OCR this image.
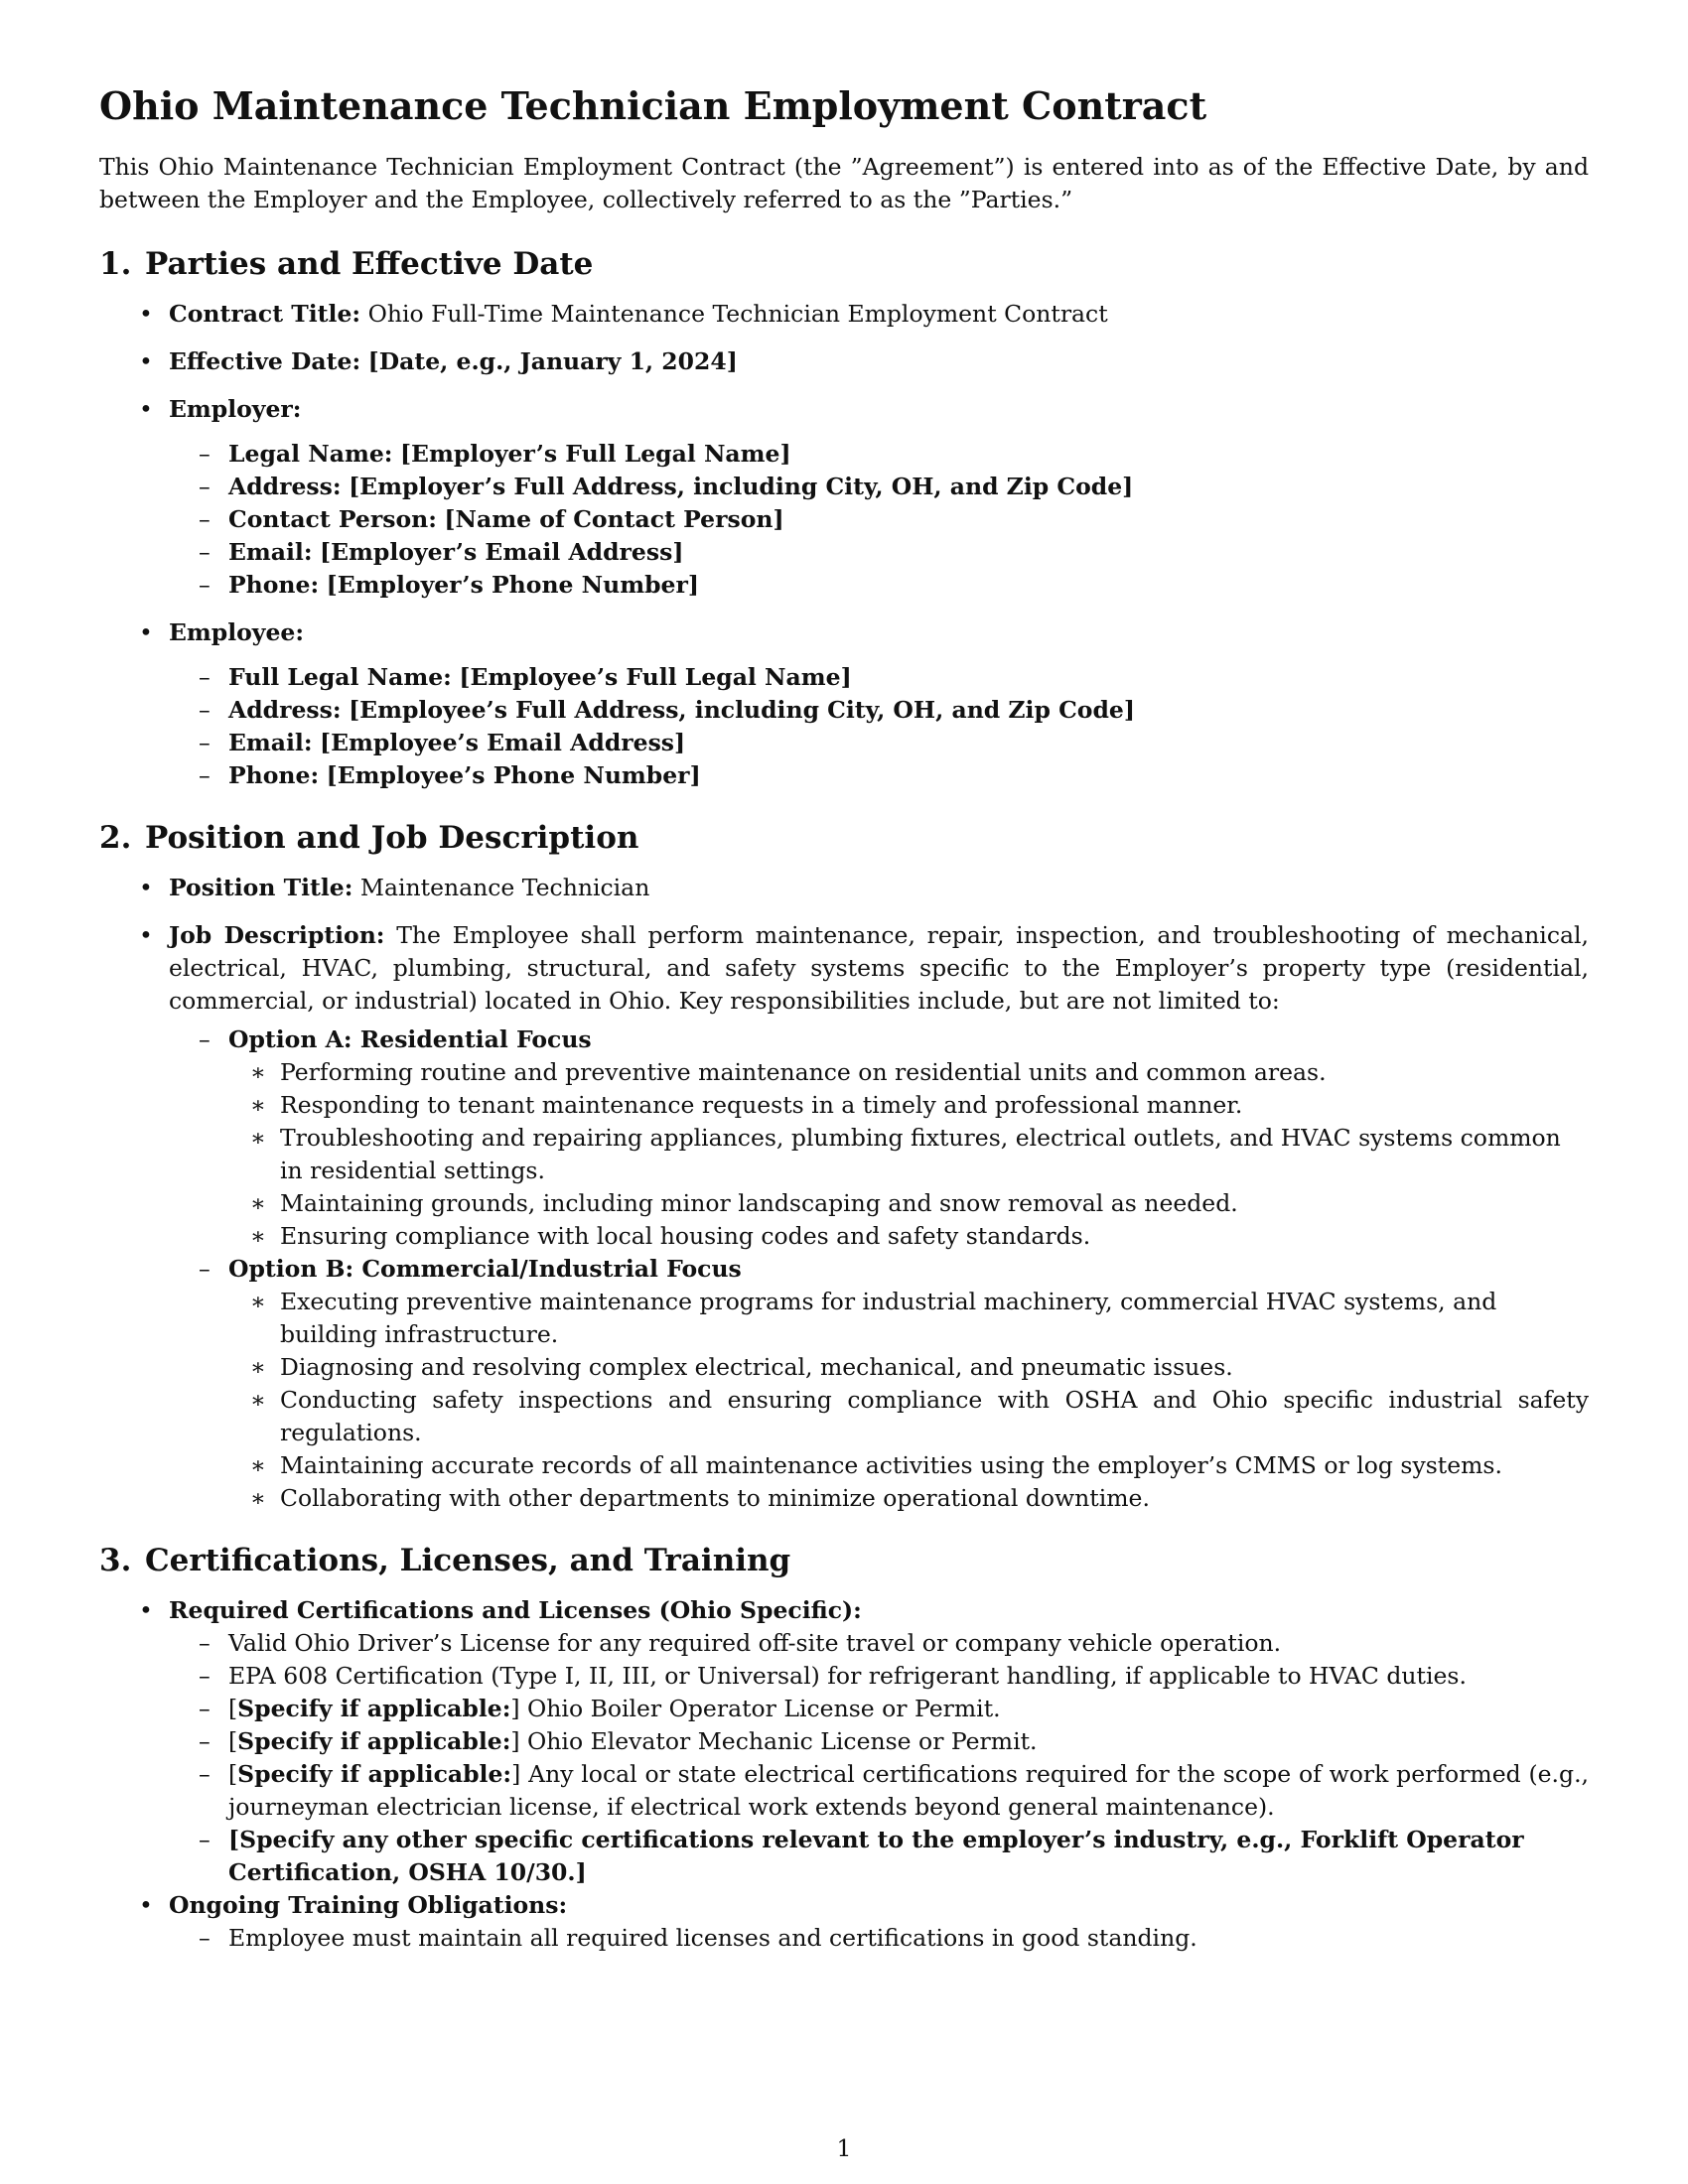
Ohio Maintenance Technician Employment Contract

This Ohio Maintenance Technician Employment Contract (the ”Agreement”) is entered into as of the Effective Date, by and between the Employer and the Employee, collectively referred to as the ”Parties.”

1. Parties and Effective Date
• Contract Title: Ohio Full-Time Maintenance Technician Employment Contract
• Effective Date: [Date, e.g., January 1, 2024]
• Employer:
– Legal Name: [Employer’s Full Legal Name]
– Address: [Employer’s Full Address, including City, OH, and Zip Code]
– Contact Person: [Name of Contact Person]
– Email: [Employer’s Email Address]
– Phone: [Employer’s Phone Number]
• Employee:
– Full Legal Name: [Employee’s Full Legal Name]
– Address: [Employee’s Full Address, including City, OH, and Zip Code]
– Email: [Employee’s Email Address]
– Phone: [Employee’s Phone Number]
2. Position and Job Description
• Position Title: Maintenance Technician
• Job Description: The Employee shall perform maintenance, repair, inspection, and troubleshooting of mechanical, electrical, HVAC, plumbing, structural, and safety systems specific to the Employer’s property type (residential, commercial, or industrial) located in Ohio. Key responsibilities include, but are not limited to:
– Option A: Residential Focus
∗ Performing routine and preventive maintenance on residential units and common areas.
∗ Responding to tenant maintenance requests in a timely and professional manner.
∗ Troubleshooting and repairing appliances, plumbing fixtures, electrical outlets, and HVAC systems common in residential settings.
∗ Maintaining grounds, including minor landscaping and snow removal as needed.
∗ Ensuring compliance with local housing codes and safety standards.
– Option B: Commercial/Industrial Focus
∗ Executing preventive maintenance programs for industrial machinery, commercial HVAC systems, and building infrastructure.
∗ Diagnosing and resolving complex electrical, mechanical, and pneumatic issues.
∗ Conducting safety inspections and ensuring compliance with OSHA and Ohio specific industrial safety regulations.
∗ Maintaining accurate records of all maintenance activities using the employer’s CMMS or log systems.
∗ Collaborating with other departments to minimize operational downtime.
3. Certifications, Licenses, and Training
• Required Certifications and Licenses (Ohio Specific):
– Valid Ohio Driver’s License for any required off-site travel or company vehicle operation.
– EPA 608 Certification (Type I, II, III, or Universal) for refrigerant handling, if applicable to HVAC duties.
– [Specify if applicable:] Ohio Boiler Operator License or Permit.
– [Specify if applicable:] Ohio Elevator Mechanic License or Permit.
– [Specify if applicable:] Any local or state electrical certifications required for the scope of work performed (e.g., journeyman electrician license, if electrical work extends beyond general maintenance).
– [Specify any other specific certifications relevant to the employer’s industry, e.g., Forklift Operator Certification, OSHA 10/30.]
• Ongoing Training Obligations:
– Employee must maintain all required licenses and certifications in good standing.
1
